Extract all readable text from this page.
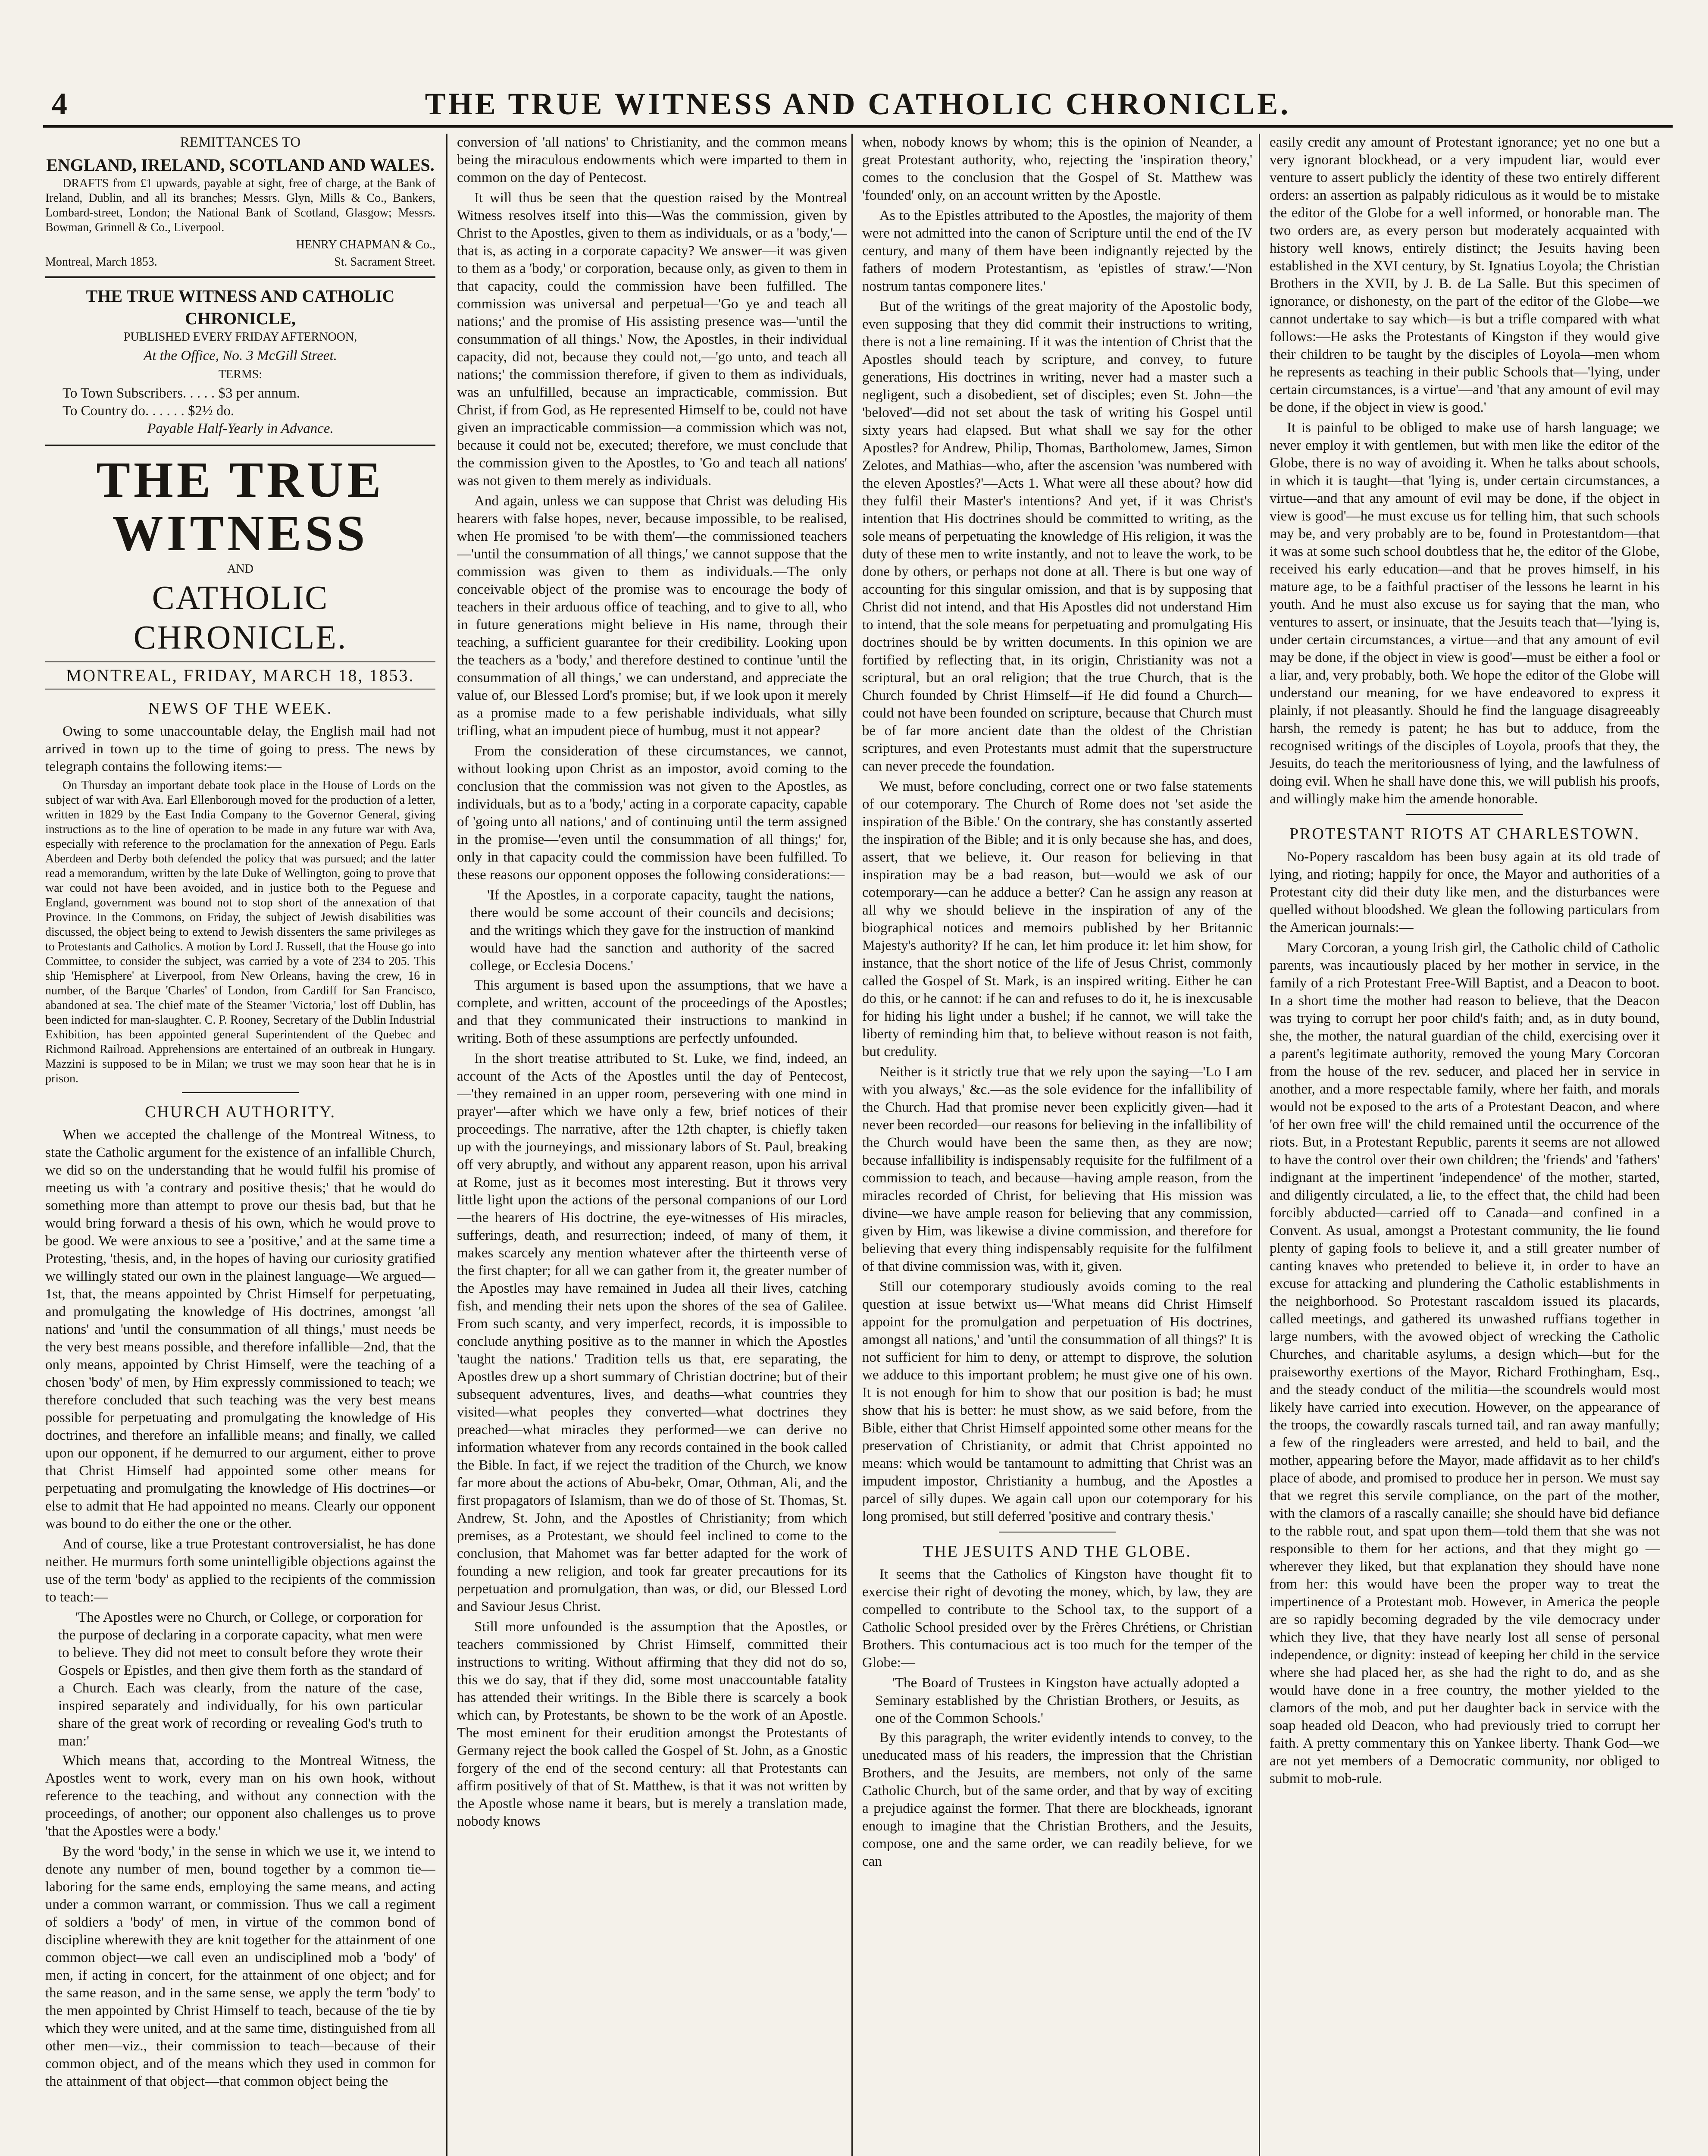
4	THE TRUE WITNESS AND CATHOLIC CHRONICLE.

REMITTANCES TO

ENGLAND, IRELAND, SCOTLAND AND WALES.

DRAFTS from £1 upwards, payable at sight, free of charge, at the Bank of Ireland, Dublin, and all its branches; Messrs. Glyn, Mills & Co., Bankers, Lombard-street, London; the National Bank of Scotland, Glasgow; Messrs. Bowman, Grinnell & Co., Liverpool.

HENRY CHAPMAN & Co.,

Montreal, March 1853.	St. Sacrament Street.

THE TRUE WITNESS AND CATHOLIC CHRONICLE,

PUBLISHED EVERY FRIDAY AFTERNOON,

At the Office, No. 3 McGill Street.

TERMS:

To Town Subscribers. . . . . $3 per annum.

To Country do. . . . . . $2½ do.

Payable Half-Yearly in Advance.

THE TRUE WITNESS
AND
CATHOLIC CHRONICLE.

MONTREAL, FRIDAY, MARCH 18, 1853.

NEWS OF THE WEEK.

Owing to some unaccountable delay, the English mail had not arrived in town up to the time of going to press. The news by telegraph contains the following items:—

On Thursday an important debate took place in the House of Lords on the subject of war with Ava. Earl Ellenborough moved for the production of a letter, written in 1829 by the East India Company to the Governor General, giving instructions as to the line of operation to be made in any future war with Ava, especially with reference to the proclamation for the annexation of Pegu. Earls Aberdeen and Derby both defended the policy that was pursued; and the latter read a memorandum, written by the late Duke of Wellington, going to prove that war could not have been avoided, and in justice both to the Peguese and England, government was bound not to stop short of the annexation of that Province. In the Commons, on Friday, the subject of Jewish disabilities was discussed, the object being to extend to Jewish dissenters the same privileges as to Protestants and Catholics. A motion by Lord J. Russell, that the House go into Committee, to consider the subject, was carried by a vote of 234 to 205. This ship 'Hemisphere' at Liverpool, from New Orleans, having the crew, 16 in number, of the Barque 'Charles' of London, from Cardiff for San Francisco, abandoned at sea. The chief mate of the Steamer 'Victoria,' lost off Dublin, has been indicted for man-slaughter. C. P. Rooney, Secretary of the Dublin Industrial Exhibition, has been appointed general Superintendent of the Quebec and Richmond Railroad. Apprehensions are entertained of an outbreak in Hungary. Mazzini is supposed to be in Milan; we trust we may soon hear that he is in prison.

CHURCH AUTHORITY.

When we accepted the challenge of the Montreal Witness, to state the Catholic argument for the existence of an infallible Church, we did so on the understanding that he would fulfil his promise of meeting us with 'a contrary and positive thesis;' that he would do something more than attempt to prove our thesis bad, but that he would bring forward a thesis of his own, which he would prove to be good. We were anxious to see a 'positive,' and at the same time a Protesting, 'thesis, and, in the hopes of having our curiosity gratified we willingly stated our own in the plainest language—We argued—1st, that, the means appointed by Christ Himself for perpetuating, and promulgating the knowledge of His doctrines, amongst 'all nations' and 'until the consummation of all things,' must needs be the very best means possible, and therefore infallible—2nd, that the only means, appointed by Christ Himself, were the teaching of a chosen 'body' of men, by Him expressly commissioned to teach; we therefore concluded that such teaching was the very best means possible for perpetuating and promulgating the knowledge of His doctrines, and therefore an infallible means; and finally, we called upon our opponent, if he demurred to our argument, either to prove that Christ Himself had appointed some other means for perpetuating and promulgating the knowledge of His doctrines—or else to admit that He had appointed no means. Clearly our opponent was bound to do either the one or the other.

And of course, like a true Protestant controversialist, he has done neither. He murmurs forth some unintelligible objections against the use of the term 'body' as applied to the recipients of the commission to teach:—

'The Apostles were no Church, or College, or corporation for the purpose of declaring in a corporate capacity, what men were to believe. They did not meet to consult before they wrote their Gospels or Epistles, and then give them forth as the standard of a Church. Each was clearly, from the nature of the case, inspired separately and individually, for his own particular share of the great work of recording or revealing God's truth to man:'

Which means that, according to the Montreal Witness, the Apostles went to work, every man on his own hook, without reference to the teaching, and without any connection with the proceedings, of another; our opponent also challenges us to prove 'that the Apostles were a body.'

By the word 'body,' in the sense in which we use it, we intend to denote any number of men, bound together by a common tie—laboring for the same ends, employing the same means, and acting under a common warrant, or commission. Thus we call a regiment of soldiers a 'body' of men, in virtue of the common bond of discipline wherewith they are knit together for the attainment of one common object—we call even an undisciplined mob a 'body' of men, if acting in concert, for the attainment of one object; and for the same reason, and in the same sense, we apply the term 'body' to the men appointed by Christ Himself to teach, because of the tie by which they were united, and at the same time, distinguished from all other men—viz., their commission to teach—because of their common object, and of the means which they used in common for the attainment of that object—that common object being the

conversion of 'all nations' to Christianity, and the common means being the miraculous endowments which were imparted to them in common on the day of Pentecost.

It will thus be seen that the question raised by the Montreal Witness resolves itself into this—Was the commission, given by Christ to the Apostles, given to them as individuals, or as a 'body,'—that is, as acting in a corporate capacity? We answer—it was given to them as a 'body,' or corporation, because only, as given to them in that capacity, could the commission have been fulfilled. The commission was universal and perpetual—'Go ye and teach all nations;' and the promise of His assisting presence was—'until the consummation of all things.' Now, the Apostles, in their individual capacity, did not, because they could not,—'go unto, and teach all nations;' the commission therefore, if given to them as individuals, was an unfulfilled, because an impracticable, commission. But Christ, if from God, as He represented Himself to be, could not have given an impracticable commission—a commission which was not, because it could not be, executed; therefore, we must conclude that the commission given to the Apostles, to 'Go and teach all nations' was not given to them merely as individuals.

And again, unless we can suppose that Christ was deluding His hearers with false hopes, never, because impossible, to be realised, when He promised 'to be with them'—the commissioned teachers—'until the consummation of all things,' we cannot suppose that the commission was given to them as individuals.—The only conceivable object of the promise was to encourage the body of teachers in their arduous office of teaching, and to give to all, who in future generations might believe in His name, through their teaching, a sufficient guarantee for their credibility. Looking upon the teachers as a 'body,' and therefore destined to continue 'until the consummation of all things,' we can understand, and appreciate the value of, our Blessed Lord's promise; but, if we look upon it merely as a promise made to a few perishable individuals, what silly trifling, what an impudent piece of humbug, must it not appear?

From the consideration of these circumstances, we cannot, without looking upon Christ as an impostor, avoid coming to the conclusion that the commission was not given to the Apostles, as individuals, but as to a 'body,' acting in a corporate capacity, capable of 'going unto all nations,' and of continuing until the term assigned in the promise—'even until the consummation of all things;' for, only in that capacity could the commission have been fulfilled. To these reasons our opponent opposes the following considerations:—

'If the Apostles, in a corporate capacity, taught the nations, there would be some account of their councils and decisions; and the writings which they gave for the instruction of mankind would have had the sanction and authority of the sacred college, or Ecclesia Docens.'

This argument is based upon the assumptions, that we have a complete, and written, account of the proceedings of the Apostles; and that they communicated their instructions to mankind in writing. Both of these assumptions are perfectly unfounded.

In the short treatise attributed to St. Luke, we find, indeed, an account of the Acts of the Apostles until the day of Pentecost,—'they remained in an upper room, persevering with one mind in prayer'—after which we have only a few, brief notices of their proceedings. The narrative, after the 12th chapter, is chiefly taken up with the journeyings, and missionary labors of St. Paul, breaking off very abruptly, and without any apparent reason, upon his arrival at Rome, just as it becomes most interesting. But it throws very little light upon the actions of the personal companions of our Lord—the hearers of His doctrine, the eye-witnesses of His miracles, sufferings, death, and resurrection; indeed, of many of them, it makes scarcely any mention whatever after the thirteenth verse of the first chapter; for all we can gather from it, the greater number of the Apostles may have remained in Judea all their lives, catching fish, and mending their nets upon the shores of the sea of Galilee. From such scanty, and very imperfect, records, it is impossible to conclude anything positive as to the manner in which the Apostles 'taught the nations.' Tradition tells us that, ere separating, the Apostles drew up a short summary of Christian doctrine; but of their subsequent adventures, lives, and deaths—what countries they visited—what peoples they converted—what doctrines they preached—what miracles they performed—we can derive no information whatever from any records contained in the book called the Bible. In fact, if we reject the tradition of the Church, we know far more about the actions of Abu-bekr, Omar, Othman, Ali, and the first propagators of Islamism, than we do of those of St. Thomas, St. Andrew, St. John, and the Apostles of Christianity; from which premises, as a Protestant, we should feel inclined to come to the conclusion, that Mahomet was far better adapted for the work of founding a new religion, and took far greater precautions for its perpetuation and promulgation, than was, or did, our Blessed Lord and Saviour Jesus Christ.

Still more unfounded is the assumption that the Apostles, or teachers commissioned by Christ Himself, committed their instructions to writing. Without affirming that they did not do so, this we do say, that if they did, some most unaccountable fatality has attended their writings. In the Bible there is scarcely a book which can, by Protestants, be shown to be the work of an Apostle. The most eminent for their erudition amongst the Protestants of Germany reject the book called the Gospel of St. John, as a Gnostic forgery of the end of the second century: all that Protestants can affirm positively of that of St. Matthew, is that it was not written by the Apostle whose name it bears, but is merely a translation made, nobody knows

when, nobody knows by whom; this is the opinion of Neander, a great Protestant authority, who, rejecting the 'inspiration theory,' comes to the conclusion that the Gospel of St. Matthew was 'founded' only, on an account written by the Apostle.

As to the Epistles attributed to the Apostles, the majority of them were not admitted into the canon of Scripture until the end of the IV century, and many of them have been indignantly rejected by the fathers of modern Protestantism, as 'epistles of straw.'—'Non nostrum tantas componere lites.'

But of the writings of the great majority of the Apostolic body, even supposing that they did commit their instructions to writing, there is not a line remaining. If it was the intention of Christ that the Apostles should teach by scripture, and convey, to future generations, His doctrines in writing, never had a master such a negligent, such a disobedient, set of disciples; even St. John—the 'beloved'—did not set about the task of writing his Gospel until sixty years had elapsed. But what shall we say for the other Apostles? for Andrew, Philip, Thomas, Bartholomew, James, Simon Zelotes, and Mathias—who, after the ascension 'was numbered with the eleven Apostles?'—Acts 1. What were all these about? how did they fulfil their Master's intentions? And yet, if it was Christ's intention that His doctrines should be committed to writing, as the sole means of perpetuating the knowledge of His religion, it was the duty of these men to write instantly, and not to leave the work, to be done by others, or perhaps not done at all. There is but one way of accounting for this singular omission, and that is by supposing that Christ did not intend, and that His Apostles did not understand Him to intend, that the sole means for perpetuating and promulgating His doctrines should be by written documents. In this opinion we are fortified by reflecting that, in its origin, Christianity was not a scriptural, but an oral religion; that the true Church, that is the Church founded by Christ Himself—if He did found a Church—could not have been founded on scripture, because that Church must be of far more ancient date than the oldest of the Christian scriptures, and even Protestants must admit that the superstructure can never precede the foundation.

We must, before concluding, correct one or two false statements of our cotemporary. The Church of Rome does not 'set aside the inspiration of the Bible.' On the contrary, she has constantly asserted the inspiration of the Bible; and it is only because she has, and does, assert, that we believe, it. Our reason for believing in that inspiration may be a bad reason, but—would we ask of our cotemporary—can he adduce a better? Can he assign any reason at all why we should believe in the inspiration of any of the biographical notices and memoirs published by her Britannic Majesty's authority? If he can, let him produce it: let him show, for instance, that the short notice of the life of Jesus Christ, commonly called the Gospel of St. Mark, is an inspired writing. Either he can do this, or he cannot: if he can and refuses to do it, he is inexcusable for hiding his light under a bushel; if he cannot, we will take the liberty of reminding him that, to believe without reason is not faith, but credulity.

Neither is it strictly true that we rely upon the saying—'Lo I am with you always,' &c.—as the sole evidence for the infallibility of the Church. Had that promise never been explicitly given—had it never been recorded—our reasons for believing in the infallibility of the Church would have been the same then, as they are now; because infallibility is indispensably requisite for the fulfilment of a commission to teach, and because—having ample reason, from the miracles recorded of Christ, for believing that His mission was divine—we have ample reason for believing that any commission, given by Him, was likewise a divine commission, and therefore for believing that every thing indispensably requisite for the fulfilment of that divine commission was, with it, given.

Still our cotemporary studiously avoids coming to the real question at issue betwixt us—'What means did Christ Himself appoint for the promulgation and perpetuation of His doctrines, amongst all nations,' and 'until the consummation of all things?' It is not sufficient for him to deny, or attempt to disprove, the solution we adduce to this important problem; he must give one of his own. It is not enough for him to show that our position is bad; he must show that his is better: he must show, as we said before, from the Bible, either that Christ Himself appointed some other means for the preservation of Christianity, or admit that Christ appointed no means: which would be tantamount to admitting that Christ was an impudent impostor, Christianity a humbug, and the Apostles a parcel of silly dupes. We again call upon our cotemporary for his long promised, but still deferred 'positive and contrary thesis.'

THE JESUITS AND THE GLOBE.

It seems that the Catholics of Kingston have thought fit to exercise their right of devoting the money, which, by law, they are compelled to contribute to the School tax, to the support of a Catholic School presided over by the Frères Chrétiens, or Christian Brothers. This contumacious act is too much for the temper of the Globe:—

'The Board of Trustees in Kingston have actually adopted a Seminary established by the Christian Brothers, or Jesuits, as one of the Common Schools.'

By this paragraph, the writer evidently intends to convey, to the uneducated mass of his readers, the impression that the Christian Brothers, and the Jesuits, are members, not only of the same Catholic Church, but of the same order, and that by way of exciting a prejudice against the former. That there are blockheads, ignorant enough to imagine that the Christian Brothers, and the Jesuits, compose, one and the same order, we can readily believe, for we can

easily credit any amount of Protestant ignorance; yet no one but a very ignorant blockhead, or a very impudent liar, would ever venture to assert publicly the identity of these two entirely different orders: an assertion as palpably ridiculous as it would be to mistake the editor of the Globe for a well informed, or honorable man. The two orders are, as every person but moderately acquainted with history well knows, entirely distinct; the Jesuits having been established in the XVI century, by St. Ignatius Loyola; the Christian Brothers in the XVII, by J. B. de La Salle. But this specimen of ignorance, or dishonesty, on the part of the editor of the Globe—we cannot undertake to say which—is but a trifle compared with what follows:—He asks the Protestants of Kingston if they would give their children to be taught by the disciples of Loyola—men whom he represents as teaching in their public Schools that—'lying, under certain circumstances, is a virtue'—and 'that any amount of evil may be done, if the object in view is good.'

It is painful to be obliged to make use of harsh language; we never employ it with gentlemen, but with men like the editor of the Globe, there is no way of avoiding it. When he talks about schools, in which it is taught—that 'lying is, under certain circumstances, a virtue—and that any amount of evil may be done, if the object in view is good'—he must excuse us for telling him, that such schools may be, and very probably are to be, found in Protestantdom—that it was at some such school doubtless that he, the editor of the Globe, received his early education—and that he proves himself, in his mature age, to be a faithful practiser of the lessons he learnt in his youth. And he must also excuse us for saying that the man, who ventures to assert, or insinuate, that the Jesuits teach that—'lying is, under certain circumstances, a virtue—and that any amount of evil may be done, if the object in view is good'—must be either a fool or a liar, and, very probably, both. We hope the editor of the Globe will understand our meaning, for we have endeavored to express it plainly, if not pleasantly. Should he find the language disagreeably harsh, the remedy is patent; he has but to adduce, from the recognised writings of the disciples of Loyola, proofs that they, the Jesuits, do teach the meritoriousness of lying, and the lawfulness of doing evil. When he shall have done this, we will publish his proofs, and willingly make him the amende honorable.

PROTESTANT RIOTS AT CHARLESTOWN.

No-Popery rascaldom has been busy again at its old trade of lying, and rioting; happily for once, the Mayor and authorities of a Protestant city did their duty like men, and the disturbances were quelled without bloodshed. We glean the following particulars from the American journals:—

Mary Corcoran, a young Irish girl, the Catholic child of Catholic parents, was incautiously placed by her mother in service, in the family of a rich Protestant Free-Will Baptist, and a Deacon to boot. In a short time the mother had reason to believe, that the Deacon was trying to corrupt her poor child's faith; and, as in duty bound, she, the mother, the natural guardian of the child, exercising over it a parent's legitimate authority, removed the young Mary Corcoran from the house of the rev. seducer, and placed her in service in another, and a more respectable family, where her faith, and morals would not be exposed to the arts of a Protestant Deacon, and where 'of her own free will' the child remained until the occurrence of the riots. But, in a Protestant Republic, parents it seems are not allowed to have the control over their own children; the 'friends' and 'fathers' indignant at the impertinent 'independence' of the mother, started, and diligently circulated, a lie, to the effect that, the child had been forcibly abducted—carried off to Canada—and confined in a Convent. As usual, amongst a Protestant community, the lie found plenty of gaping fools to believe it, and a still greater number of canting knaves who pretended to believe it, in order to have an excuse for attacking and plundering the Catholic establishments in the neighborhood. So Protestant rascaldom issued its placards, called meetings, and gathered its unwashed ruffians together in large numbers, with the avowed object of wrecking the Catholic Churches, and charitable asylums, a design which—but for the praiseworthy exertions of the Mayor, Richard Frothingham, Esq., and the steady conduct of the militia—the scoundrels would most likely have carried into execution. However, on the appearance of the troops, the cowardly rascals turned tail, and ran away manfully; a few of the ringleaders were arrested, and held to bail, and the mother, appearing before the Mayor, made affidavit as to her child's place of abode, and promised to produce her in person. We must say that we regret this servile compliance, on the part of the mother, with the clamors of a rascally canaille; she should have bid defiance to the rabble rout, and spat upon them—told them that she was not responsible to them for her actions, and that they might go — wherever they liked, but that explanation they should have none from her: this would have been the proper way to treat the impertinence of a Protestant mob. However, in America the people are so rapidly becoming degraded by the vile democracy under which they live, that they have nearly lost all sense of personal independence, or dignity: instead of keeping her child in the service where she had placed her, as she had the right to do, and as she would have done in a free country, the mother yielded to the clamors of the mob, and put her daughter back in service with the soap headed old Deacon, who had previously tried to corrupt her faith. A pretty commentary this on Yankee liberty. Thank God—we are not yet members of a Democratic community, nor obliged to submit to mob-rule.
